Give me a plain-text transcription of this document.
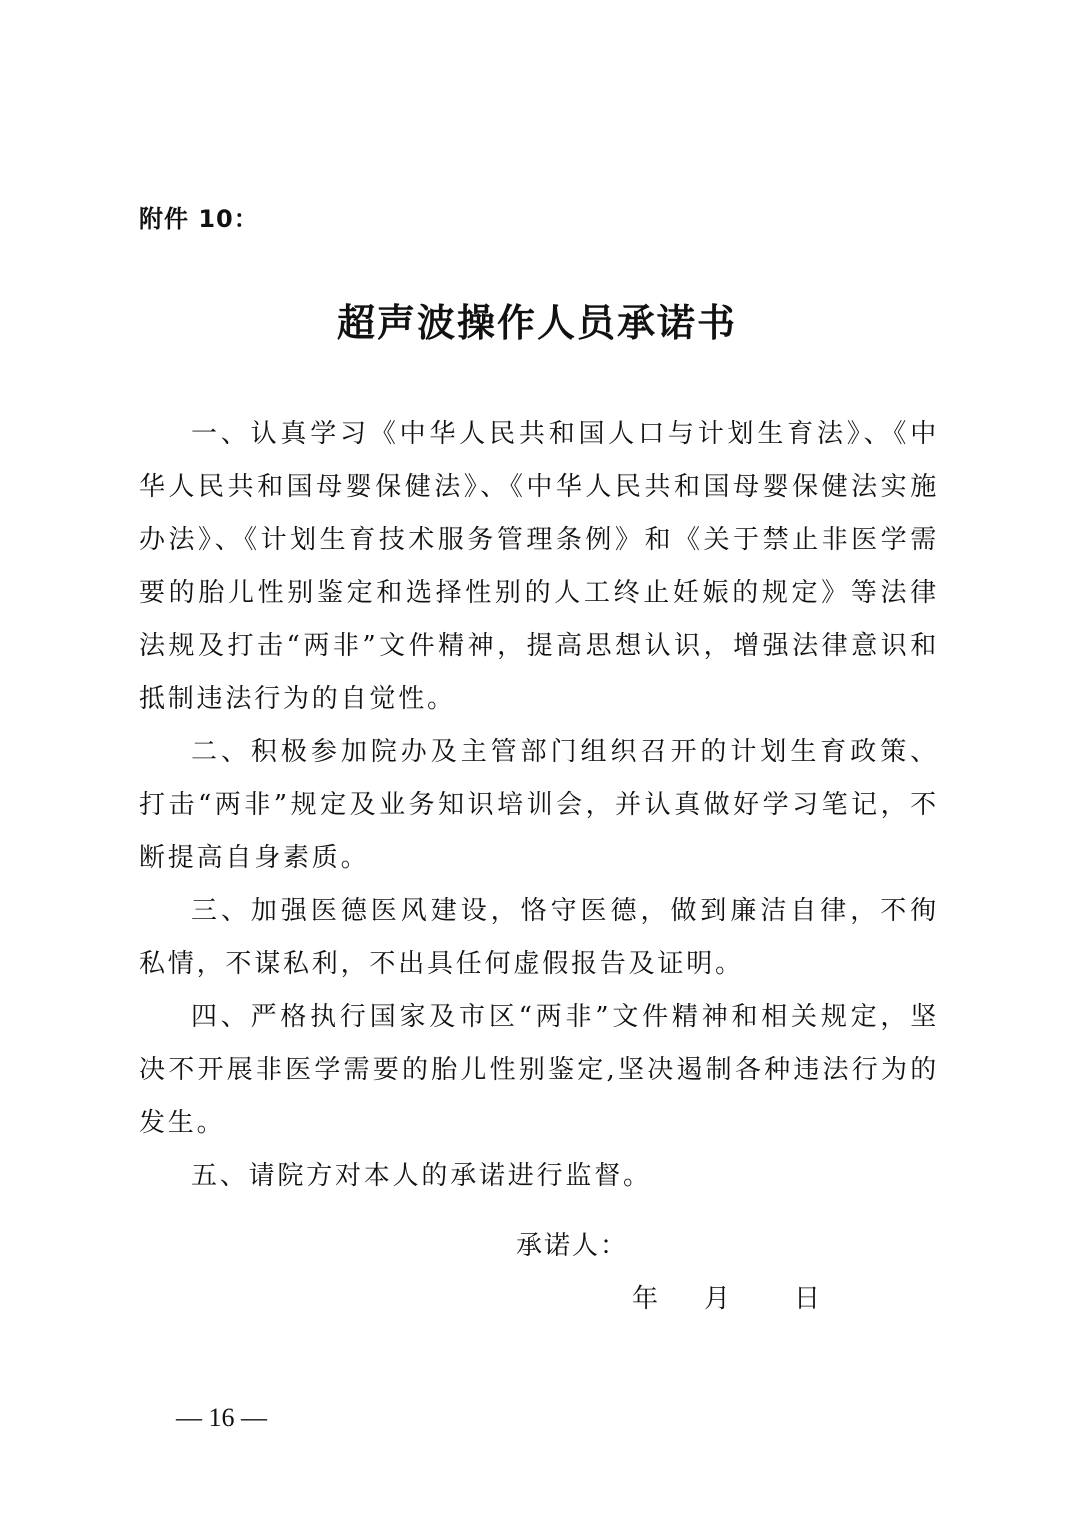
附件 10：
超声波操作人员承诺书

一、认真学习《中华人民共和国人口与计划生育法》、《中华人民共和国母婴保健法》、《中华人民共和国母婴保健法实施办法》、《计划生育技术服务管理条例》和《关于禁止非医学需要的胎儿性别鉴定和选择性别的人工终止妊娠的规定》等法律法规及打击“两非”文件精神，提高思想认识，增强法律意识和抵制违法行为的自觉性。

二、积极参加院办及主管部门组织召开的计划生育政策、打击“两非”规定及业务知识培训会，并认真做好学习笔记，不断提高自身素质。

三、加强医德医风建设，恪守医德，做到廉洁自律，不徇私情，不谋私利，不出具任何虚假报告及证明。

四、严格执行国家及市区“两非”文件精神和相关规定，坚决不开展非医学需要的胎儿性别鉴定,坚决遏制各种违法行为的发生。

五、请院方对本人的承诺进行监督。

承诺人：
年 月 日
— 16 —
